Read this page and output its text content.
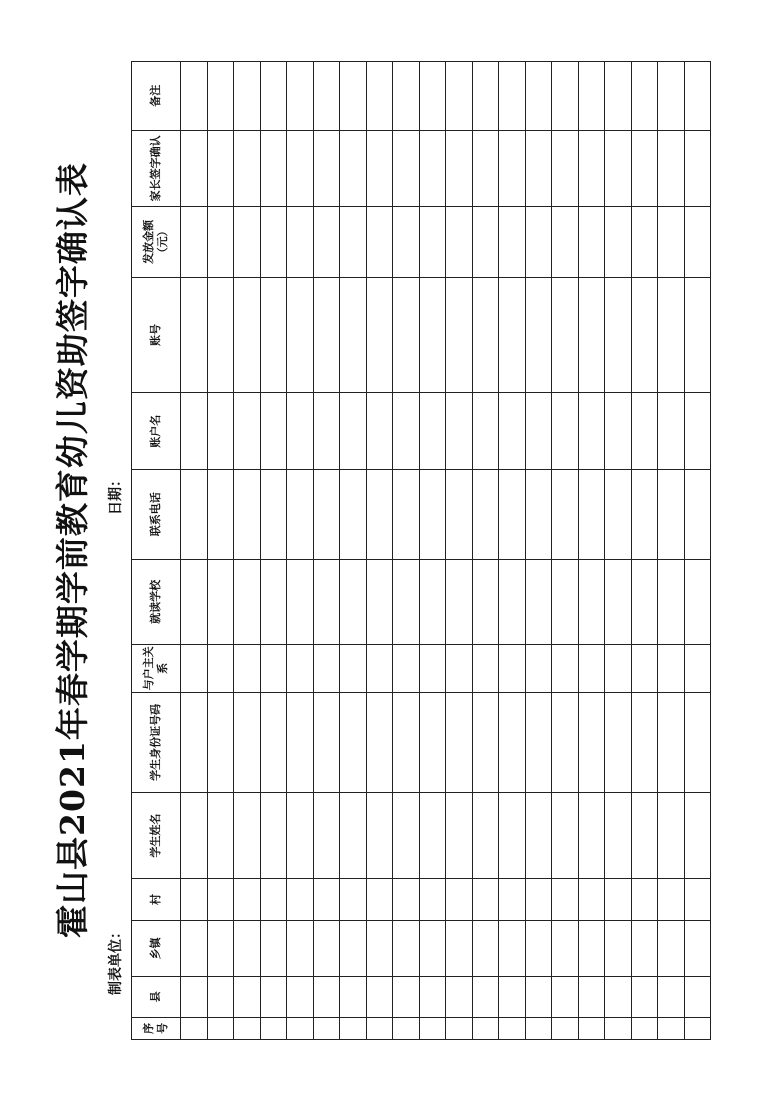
霍山县2021年春学期学前教育幼儿资助签字确认表
制表单位：
日期：
序号	县	乡镇	村	学生姓名	学生身份证号码	与户主关系	就读学校	联系电话	账户名	账号	发放金额（元）	家长签字确认	备注
